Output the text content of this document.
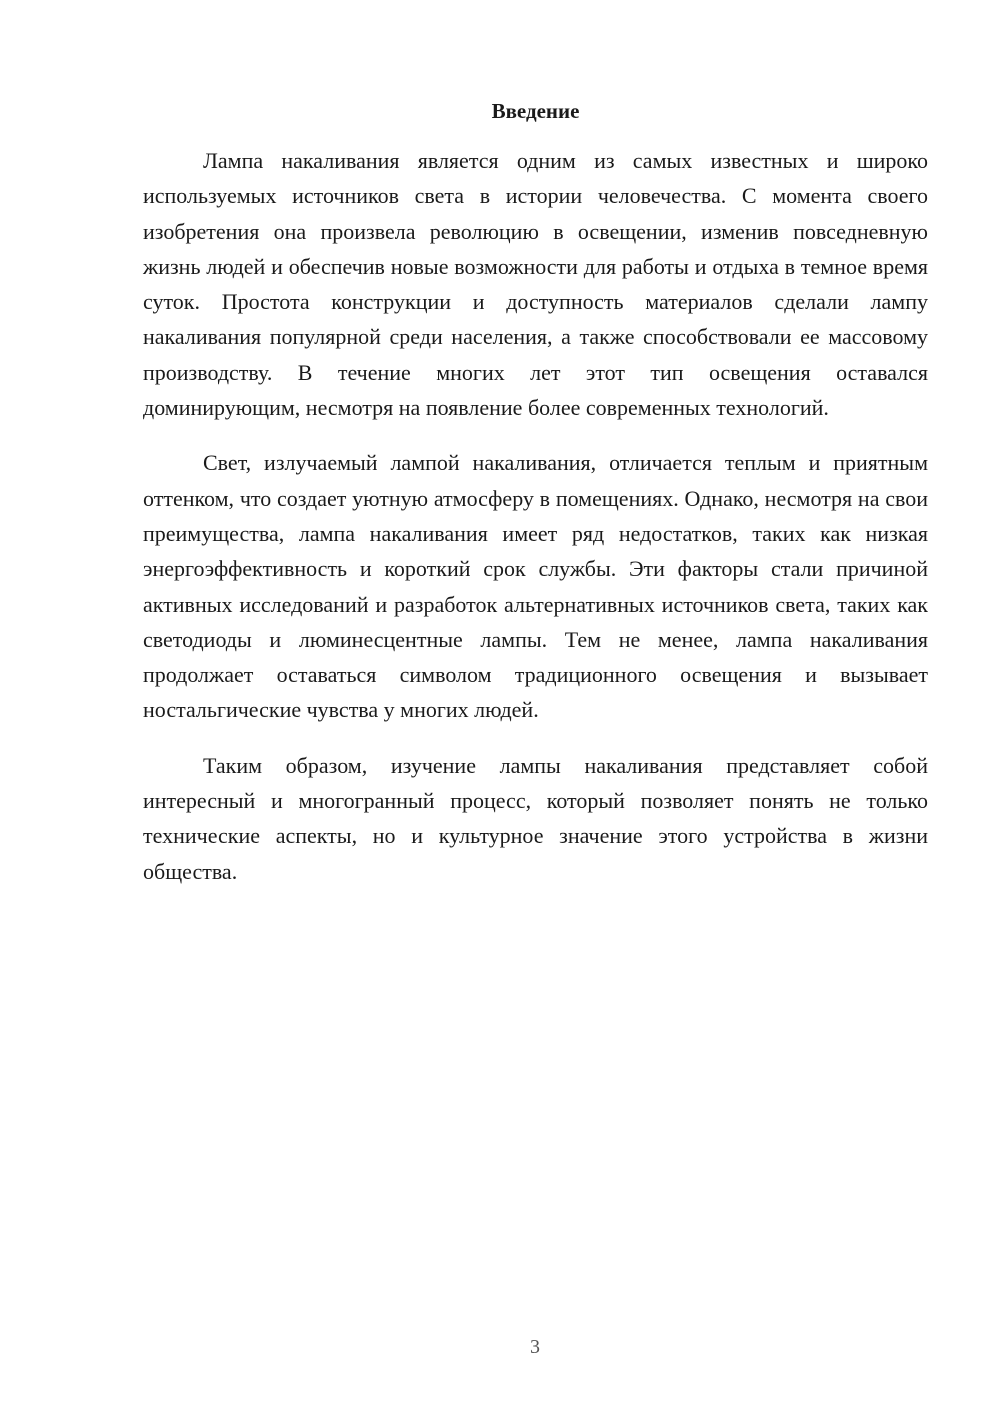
Введение

Лампа накаливания является одним из самых известных и широко используемых источников света в истории человечества. С момента своего изобретения она произвела революцию в освещении, изменив повседневную жизнь людей и обеспечив новые возможности для работы и отдыха в темное время суток. Простота конструкции и доступность материалов сделали лампу накаливания популярной среди населения, а также способствовали ее массовому производству. В течение многих лет этот тип освещения оставался доминирующим, несмотря на появление более современных технологий.

Свет, излучаемый лампой накаливания, отличается теплым и приятным оттенком, что создает уютную атмосферу в помещениях. Однако, несмотря на свои преимущества, лампа накаливания имеет ряд недостатков, таких как низкая энергоэффективность и короткий срок службы. Эти факторы стали причиной активных исследований и разработок альтернативных источников света, таких как светодиоды и люминесцентные лампы. Тем не менее, лампа накаливания продолжает оставаться символом традиционного освещения и вызывает ностальгические чувства у многих людей.

Таким образом, изучение лампы накаливания представляет собой интересный и многогранный процесс, который позволяет понять не только технические аспекты, но и культурное значение этого устройства в жизни общества.

3
